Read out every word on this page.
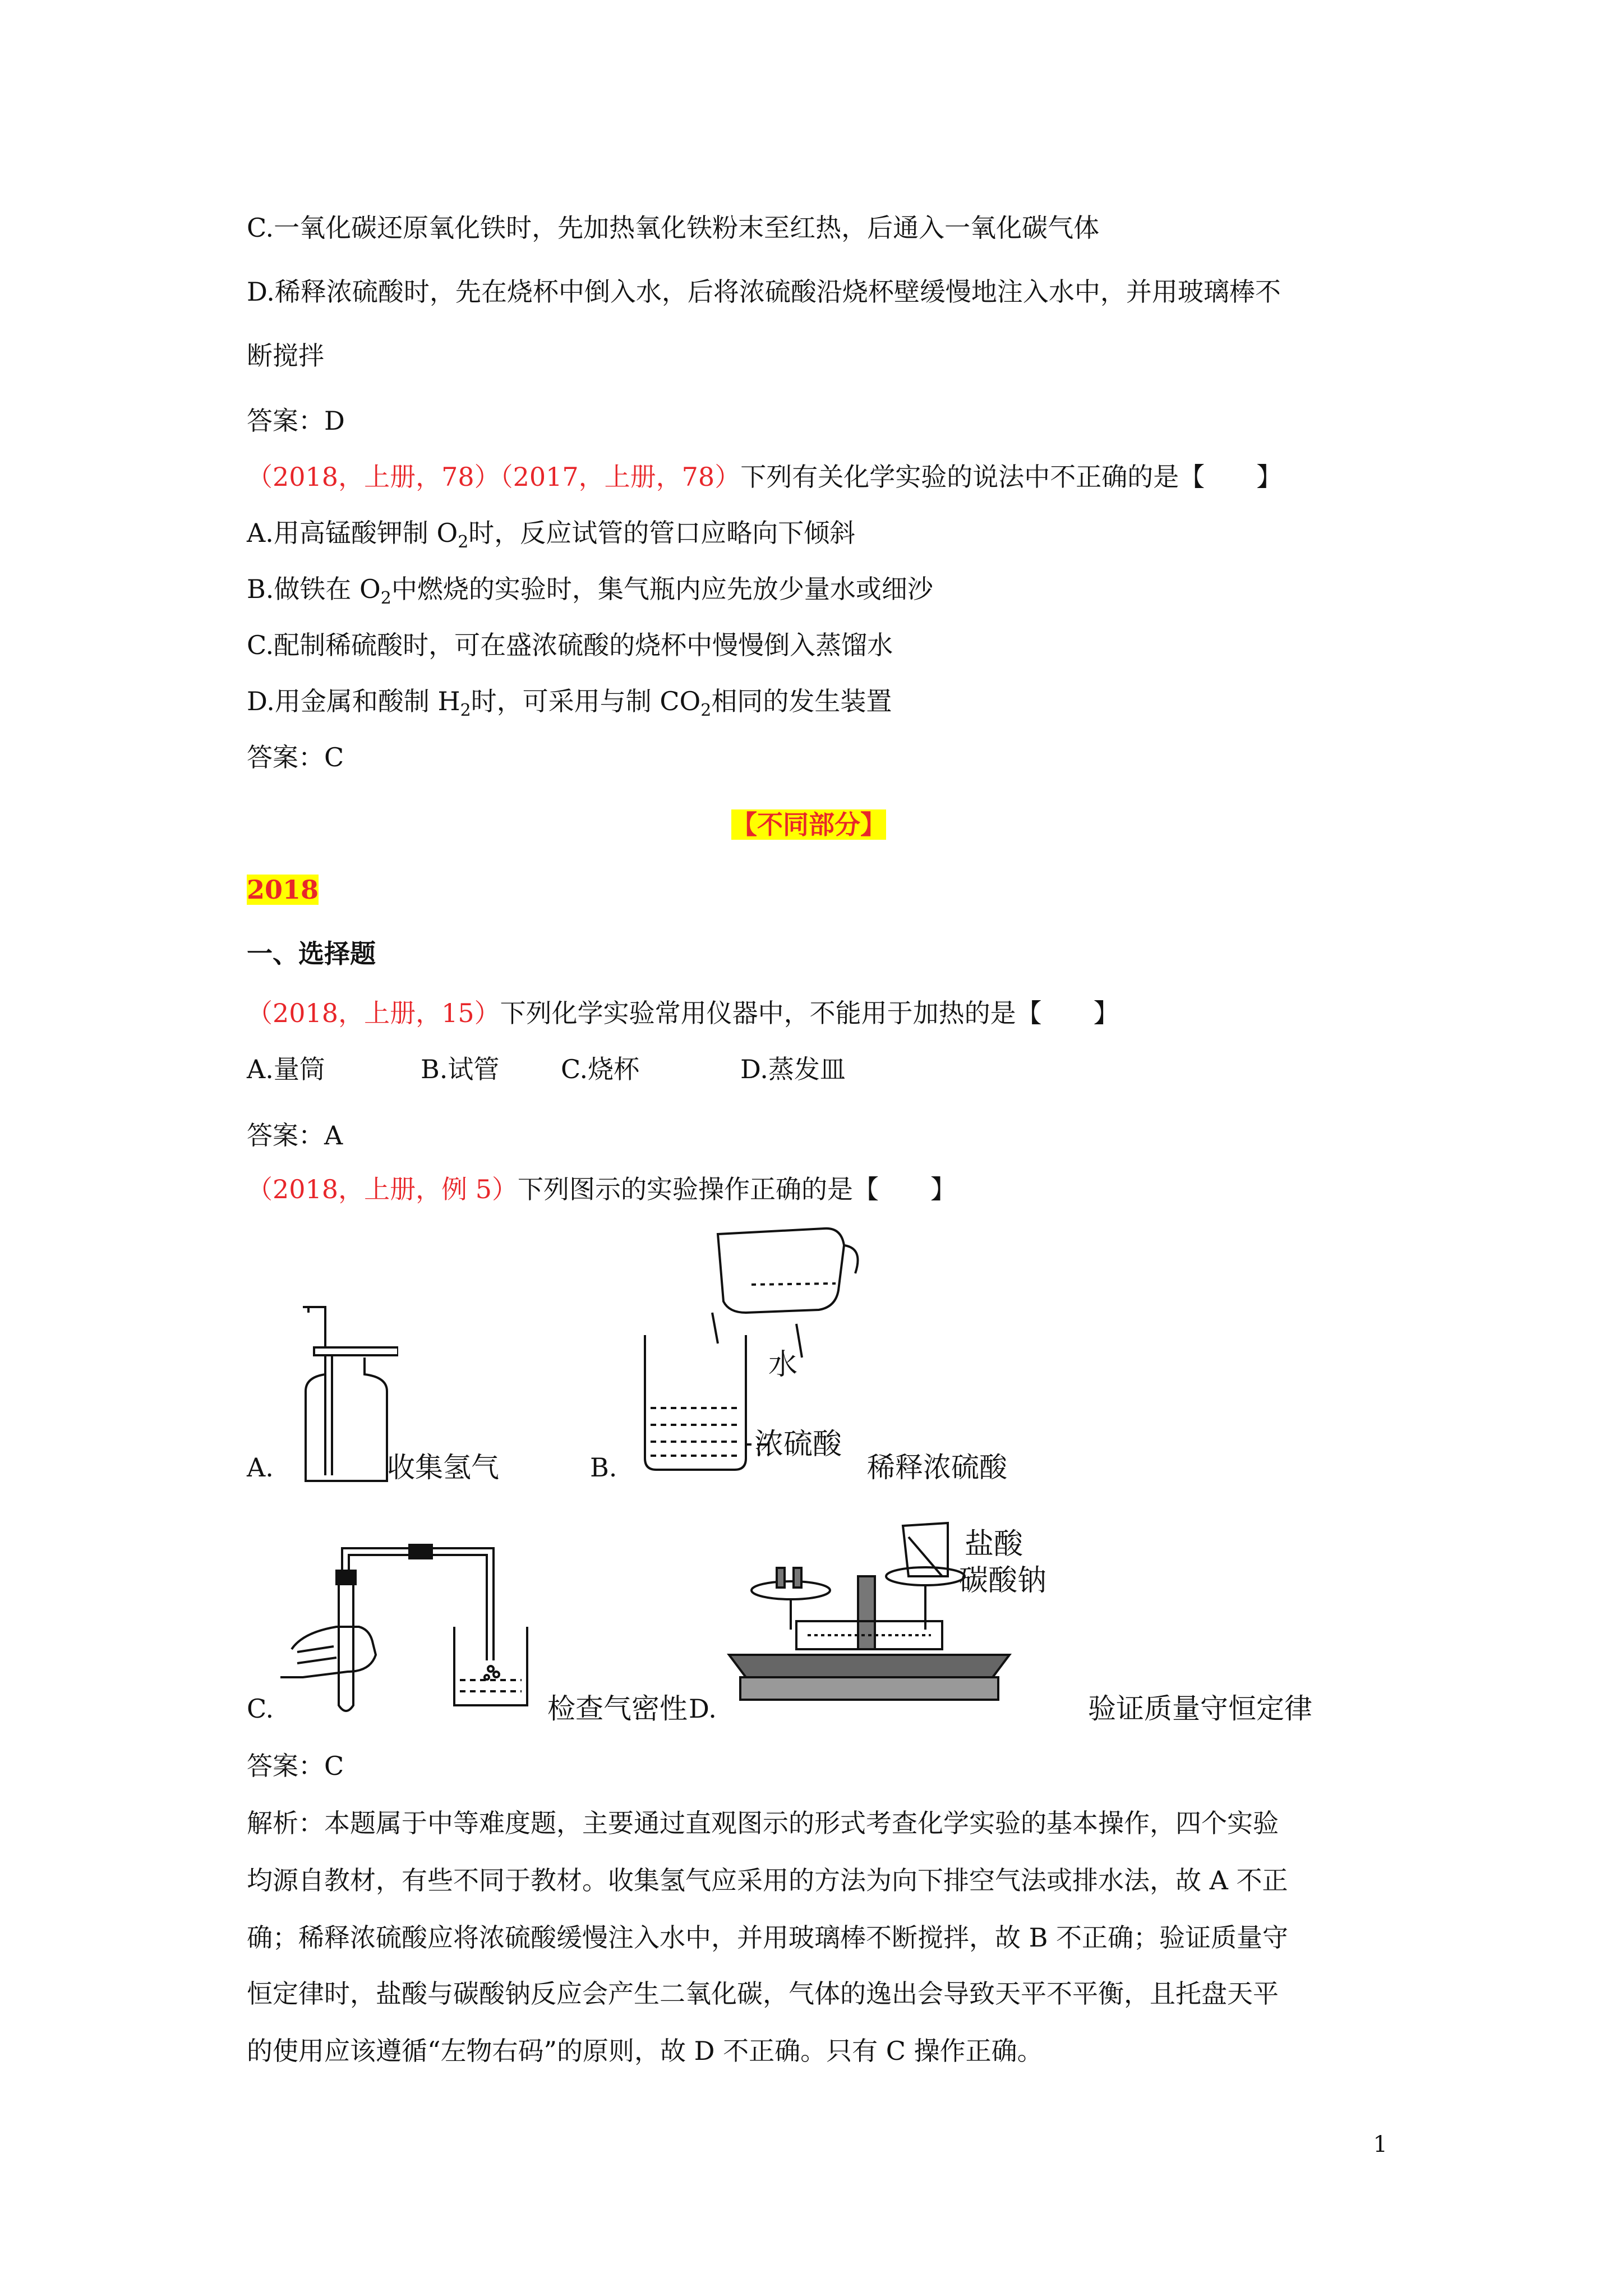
C.一氧化碳还原氧化铁时，先加热氧化铁粉末至红热，后通入一氧化碳气体
D.稀释浓硫酸时，先在烧杯中倒入水，后将浓硫酸沿烧杯壁缓慢地注入水中，并用玻璃棒不
断搅拌
答案：D
（2018，上册，78）（2017，上册，78）下列有关化学实验的说法中不正确的是【　　】
A.用高锰酸钾制 $O_2$时，反应试管的管口应略向下倾斜
B.做铁在 $O_2$中燃烧的实验时，集气瓶内应先放少量水或细沙
C.配制稀硫酸时，可在盛浓硫酸的烧杯中慢慢倒入蒸馏水
D.用金属和酸制 $H_2$时，可采用与制 $CO_2$相同的发生装置
答案：C
【不同部分】
2018
一、选择题
（2018，上册，15）下列化学实验常用仪器中，不能用于加热的是【　　】
A.量筒	B.试管 C.烧杯	D.蒸发皿
答案：A
（2018，上册，例 5）下列图示的实验操作正确的是【　　】
A.	收集氢气	B.
水
浓硫酸
稀释浓硫酸
C.	检查气密性 D.
盐酸
碳酸钠
验证质量守恒定律
答案：C
解析：本题属于中等难度题，主要通过直观图示的形式考查化学实验的基本操作，四个实验
均源自教材，有些不同于教材。收集氢气应采用的方法为向下排空气法或排水法，故 A 不正
确；稀释浓硫酸应将浓硫酸缓慢注入水中，并用玻璃棒不断搅拌，故 B 不正确；验证质量守
恒定律时，盐酸与碳酸钠反应会产生二氧化碳，气体的逸出会导致天平不平衡，且托盘天平
的使用应该遵循“左物右码”的原则，故 D 不正确。只有 C 操作正确。
1
